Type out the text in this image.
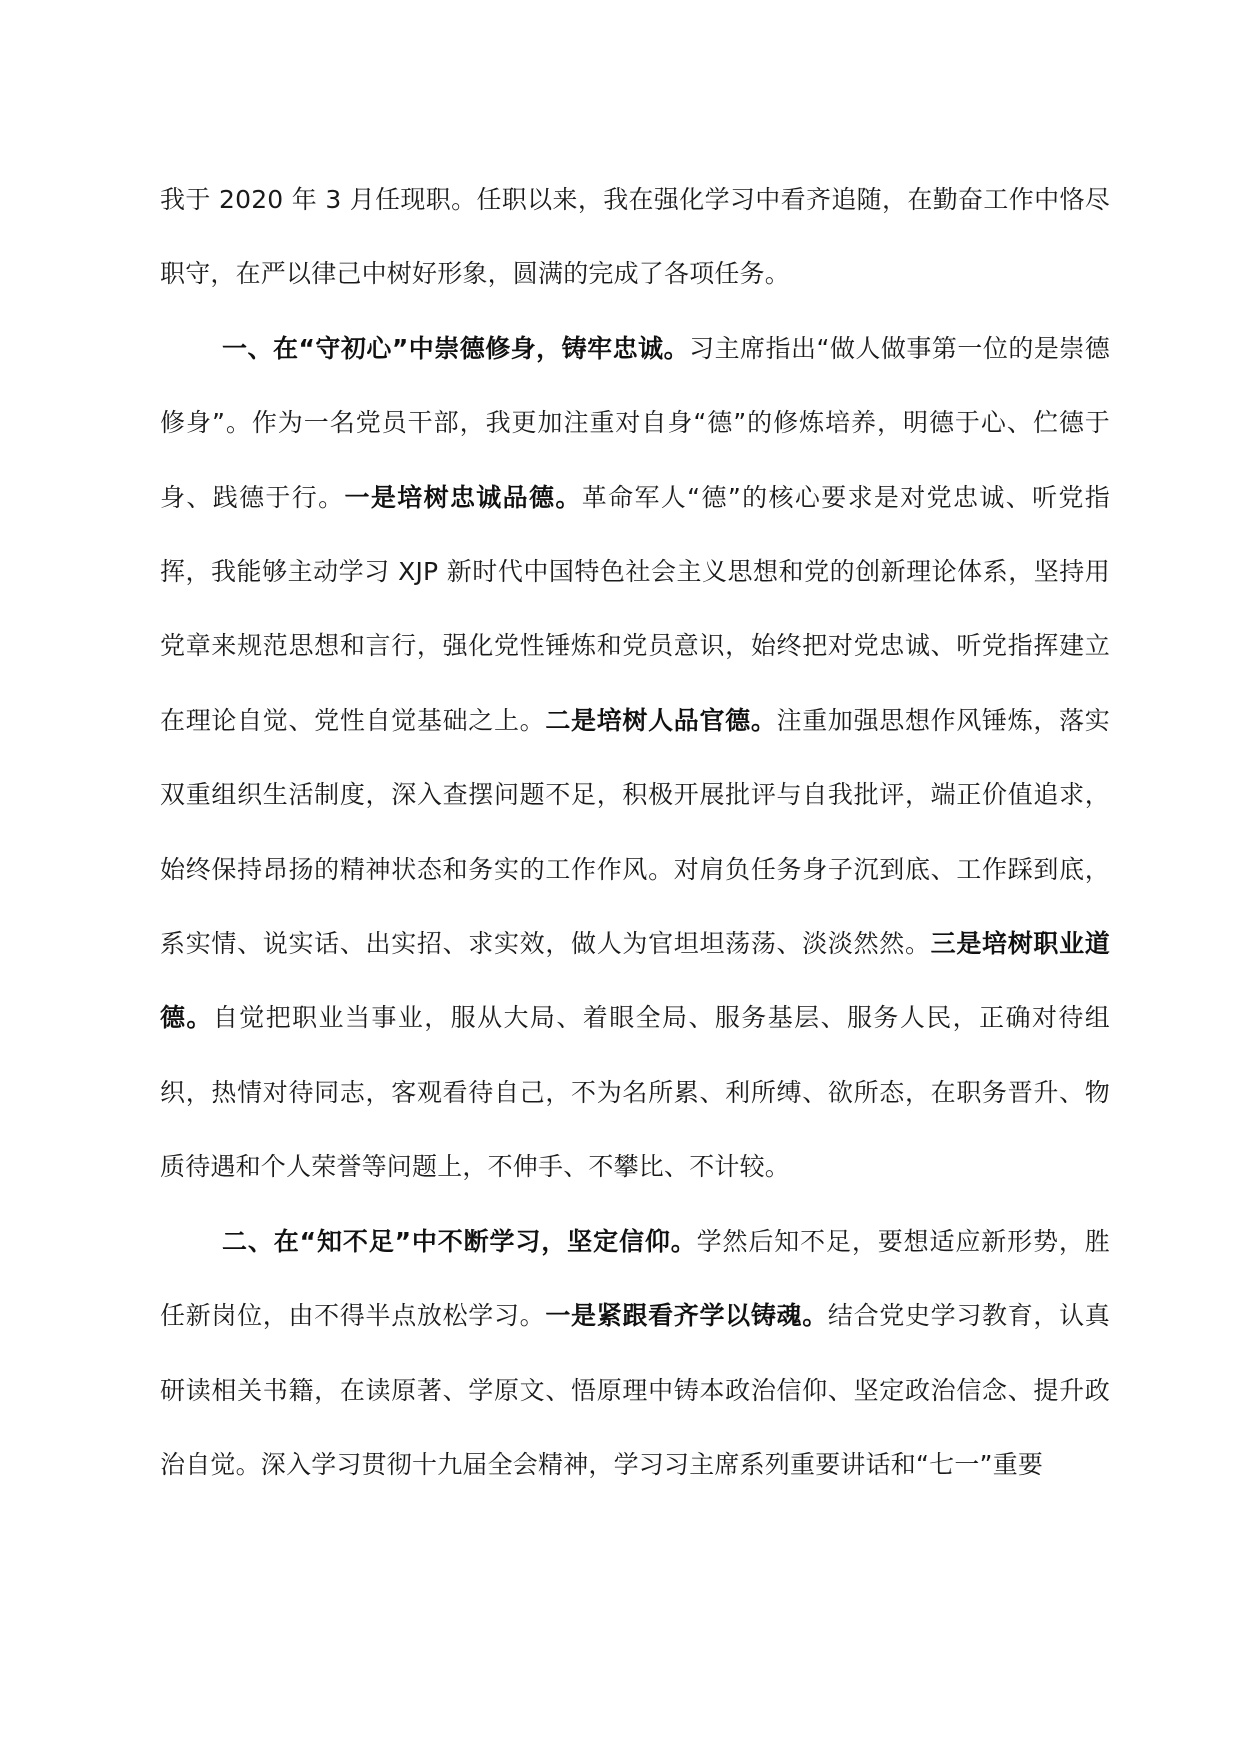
我于 2020 年 3 月任现职。任职以来，我在强化学习中看齐追随，在勤奋工作中恪尽职守，在严以律己中树好形象，圆满的完成了各项任务。

一、在“守初心”中崇德修身，铸牢忠诚。习主席指出“做人做事第一位的是崇德修身”。作为一名党员干部，我更加注重对自身“德”的修炼培养，明德于心、伫德于身、践德于行。一是培树忠诚品德。革命军人“德”的核心要求是对党忠诚、听党指挥，我能够主动学习 XJP 新时代中国特色社会主义思想和党的创新理论体系，坚持用党章来规范思想和言行，强化党性锤炼和党员意识，始终把对党忠诚、听党指挥建立在理论自觉、党性自觉基础之上。二是培树人品官德。注重加强思想作风锤炼，落实双重组织生活制度，深入查摆问题不足，积极开展批评与自我批评，端正价值追求，始终保持昂扬的精神状态和务实的工作作风。对肩负任务身子沉到底、工作踩到底，系实情、说实话、出实招、求实效，做人为官坦坦荡荡、淡淡然然。三是培树职业道德。自觉把职业当事业，服从大局、着眼全局、服务基层、服务人民，正确对待组织，热情对待同志，客观看待自己，不为名所累、利所缚、欲所态，在职务晋升、物质待遇和个人荣誉等问题上，不伸手、不攀比、不计较。

二、在“知不足”中不断学习，坚定信仰。学然后知不足，要想适应新形势，胜任新岗位，由不得半点放松学习。一是紧跟看齐学以铸魂。结合党史学习教育，认真研读相关书籍，在读原著、学原文、悟原理中铸本政治信仰、坚定政治信念、提升政治自觉。深入学习贯彻十九届全会精神，学习习主席系列重要讲话和“七一”重要
